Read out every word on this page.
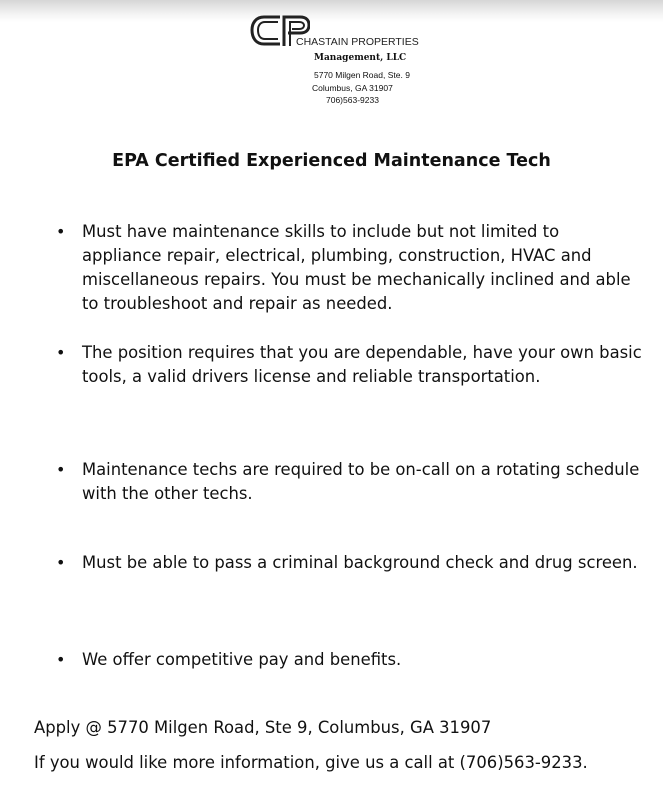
CHASTAIN PROPERTIES
Management, LLC
5770 Milgen Road, Ste. 9
Columbus, GA 31907
706)563-9233
EPA Certified Experienced Maintenance Tech
• Must have maintenance skills to include but not limited to appliance repair, electrical, plumbing, construction, HVAC and miscellaneous repairs. You must be mechanically inclined and able to troubleshoot and repair as needed.
• The position requires that you are dependable, have your own basic tools, a valid drivers license and reliable transportation.
• Maintenance techs are required to be on-call on a rotating schedule with the other techs.
• Must be able to pass a criminal background check and drug screen.
• We offer competitive pay and benefits.
Apply @ 5770 Milgen Road, Ste 9, Columbus, GA 31907
If you would like more information, give us a call at (706)563-9233.
